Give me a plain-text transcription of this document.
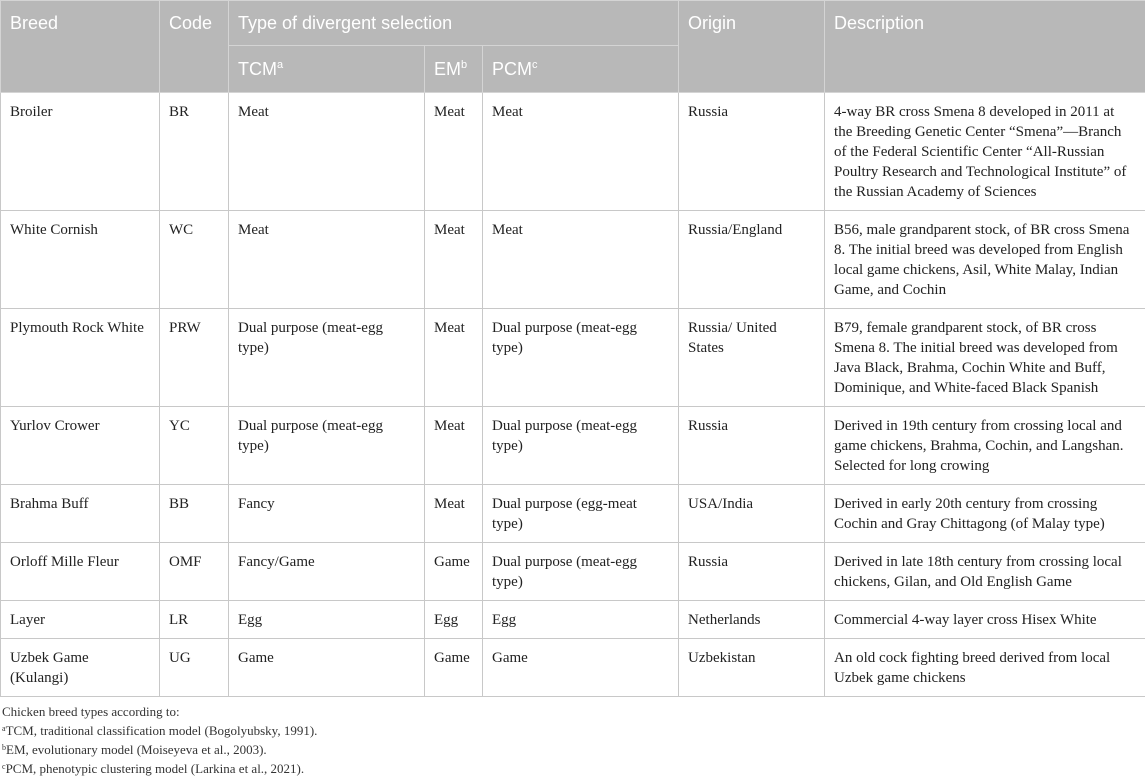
Breed	Code	Type of divergent selection			Origin	Description
		TCM$^a$	$EM^b$	PCM$^c$
Broiler	BR	Meat	Meat	Meat	Russia	4-way BR cross Smena 8 developed in 2011 at the Breeding Genetic Center “Smena”—Branch of the Federal Scientific Center “All-Russian Poultry Research and Technological Institute” of the Russian Academy of Sciences
White Cornish	WC	Meat	Meat	Meat	Russia/England	B56, male grandparent stock, of BR cross Smena 8. The initial breed was developed from English local game chickens, Asil, White Malay, Indian Game, and Cochin
Plymouth Rock White	PRW	Dual purpose (meat-egg type)	Meat	Dual purpose (meat-egg type)	Russia/ United States	B79, female grandparent stock, of BR cross Smena 8. The initial breed was developed from Java Black, Brahma, Cochin White and Buff, Dominique, and White-faced Black Spanish
Yurlov Crower	YC	Dual purpose (meat-egg type)	Meat	Dual purpose (meat-egg type)	Russia	Derived in 19th century from crossing local and game chickens, Brahma, Cochin, and Langshan. Selected for long crowing
Brahma Buff	BB	Fancy	Meat	Dual purpose (egg-meat type)	USA/India	Derived in early 20th century from crossing Cochin and Gray Chittagong (of Malay type)
Orloff Mille Fleur	OMF	Fancy/Game	Game	Dual purpose (meat-egg type)	Russia	Derived in late 18th century from crossing local chickens, Gilan, and Old English Game
Layer	LR	Egg	Egg	Egg	Netherlands	Commercial 4-way layer cross Hisex White
Uzbek Game (Kulangi)	UG	Game	Game	Game	Uzbekistan	An old cock fighting breed derived from local Uzbek game chickens
Chicken breed types according to:
$^a$TCM, traditional classification model (Bogolyubsky, 1991).
$^b$EM, evolutionary model (Moiseyeva et al., 2003).
$^c$PCM, phenotypic clustering model (Larkina et al., 2021).
